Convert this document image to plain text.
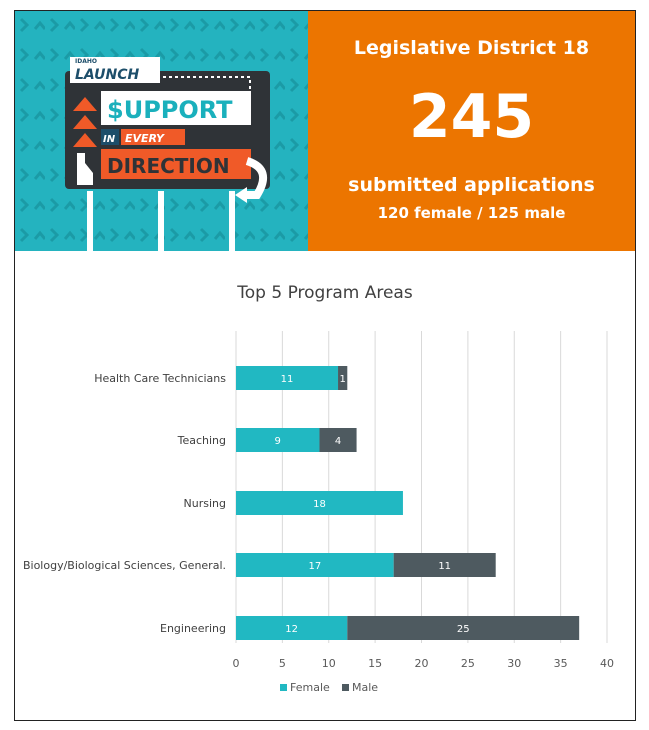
IDAHO
LAUNCH
$UPPORT
IN EVERY
DIRECTION
Legislative District 18
245
submitted applications
120 female / 125 male
Top 5 Program Areas
0	5	10	15	20	25	30	35	40
Health Care Technicians	11	1
Teaching	9	4
Nursing	18
Biology/Biological Sciences, General.	17	11
Engineering	12	25
Female Male
